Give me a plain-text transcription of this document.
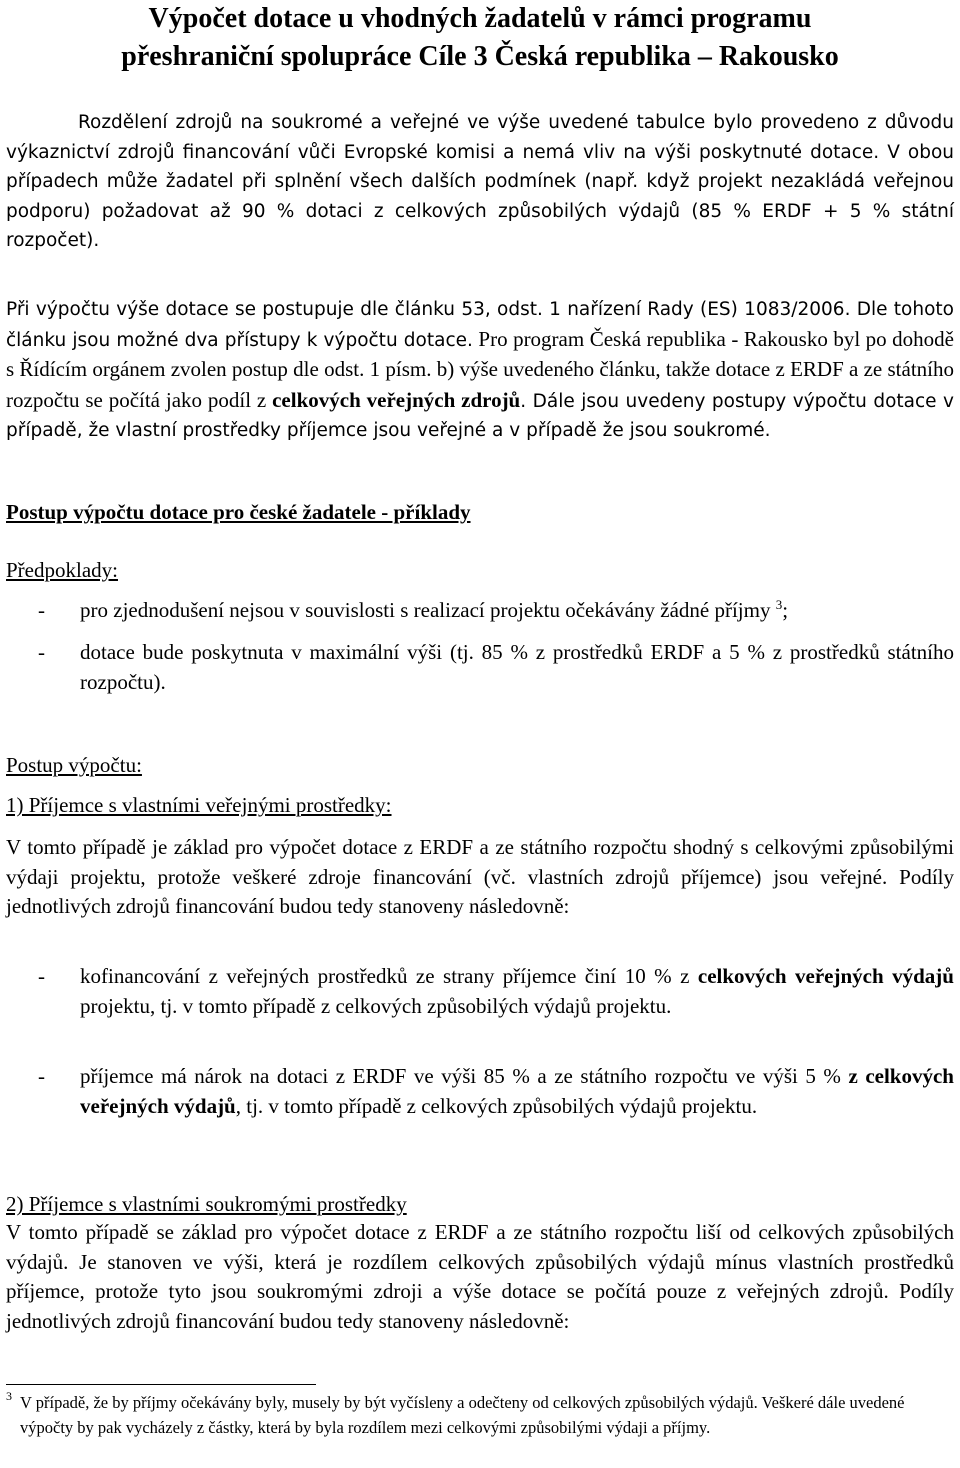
Výpočet dotace u vhodných žadatelů v rámci programu
přeshraniční spolupráce Cíle 3 Česká republika – Rakousko

Rozdělení zdrojů na soukromé a veřejné ve výše uvedené tabulce bylo provedeno z důvodu výkaznictví zdrojů financování vůči Evropské komisi a nemá vliv na výši poskytnuté dotace. V obou případech může žadatel při splnění všech dalších podmínek (např. když projekt nezakládá veřejnou podporu) požadovat až 90 % dotaci z celkových způsobilých výdajů (85 % ERDF + 5 % státní rozpočet).

Při výpočtu výše dotace se postupuje dle článku 53, odst. 1 nařízení Rady (ES) 1083/2006. Dle tohoto článku jsou možné dva přístupy k výpočtu dotace. Pro program Česká republika - Rakousko byl po dohodě s Řídícím orgánem zvolen postup dle odst. 1 písm. b) výše uvedeného článku, takže dotace z ERDF a ze státního rozpočtu se počítá jako podíl z celkových veřejných zdrojů. Dále jsou uvedeny postupy výpočtu dotace v případě, že vlastní prostředky příjemce jsou veřejné a v případě že jsou soukromé.

Postup výpočtu dotace pro české žadatele - příklady

Předpoklady:

- pro zjednodušení nejsou v souvislosti s realizací projektu očekávány žádné příjmy $^3$;
- dotace bude poskytnuta v maximální výši (tj. 85 % z prostředků ERDF a 5 % z prostředků státního rozpočtu).

Postup výpočtu:

1) Příjemce s vlastními veřejnými prostředky:

V tomto případě je základ pro výpočet dotace z ERDF a ze státního rozpočtu shodný s celkovými způsobilými výdaji projektu, protože veškeré zdroje financování (vč. vlastních zdrojů příjemce) jsou veřejné. Podíly jednotlivých zdrojů financování budou tedy stanoveny následovně:

- kofinancování z veřejných prostředků ze strany příjemce činí 10 % z celkových veřejných výdajů projektu, tj. v tomto případě z celkových způsobilých výdajů projektu.
- příjemce má nárok na dotaci z ERDF ve výši 85 % a ze státního rozpočtu ve výši 5 % z celkových veřejných výdajů, tj. v tomto případě z celkových způsobilých výdajů projektu.

2) Příjemce s vlastními soukromými prostředky

V tomto případě se základ pro výpočet dotace z ERDF a ze státního rozpočtu liší od celkových způsobilých výdajů. Je stanoven ve výši, která je rozdílem celkových způsobilých výdajů mínus vlastních prostředků příjemce, protože tyto jsou soukromými zdroji a výše dotace se počítá pouze z veřejných zdrojů. Podíly jednotlivých zdrojů financování budou tedy stanoveny následovně:

3 V případě, že by příjmy očekávány byly, musely by být vyčísleny a odečteny od celkových způsobilých výdajů. Veškeré dále uvedené výpočty by pak vycházely z částky, která by byla rozdílem mezi celkovými způsobilými výdaji a příjmy.
